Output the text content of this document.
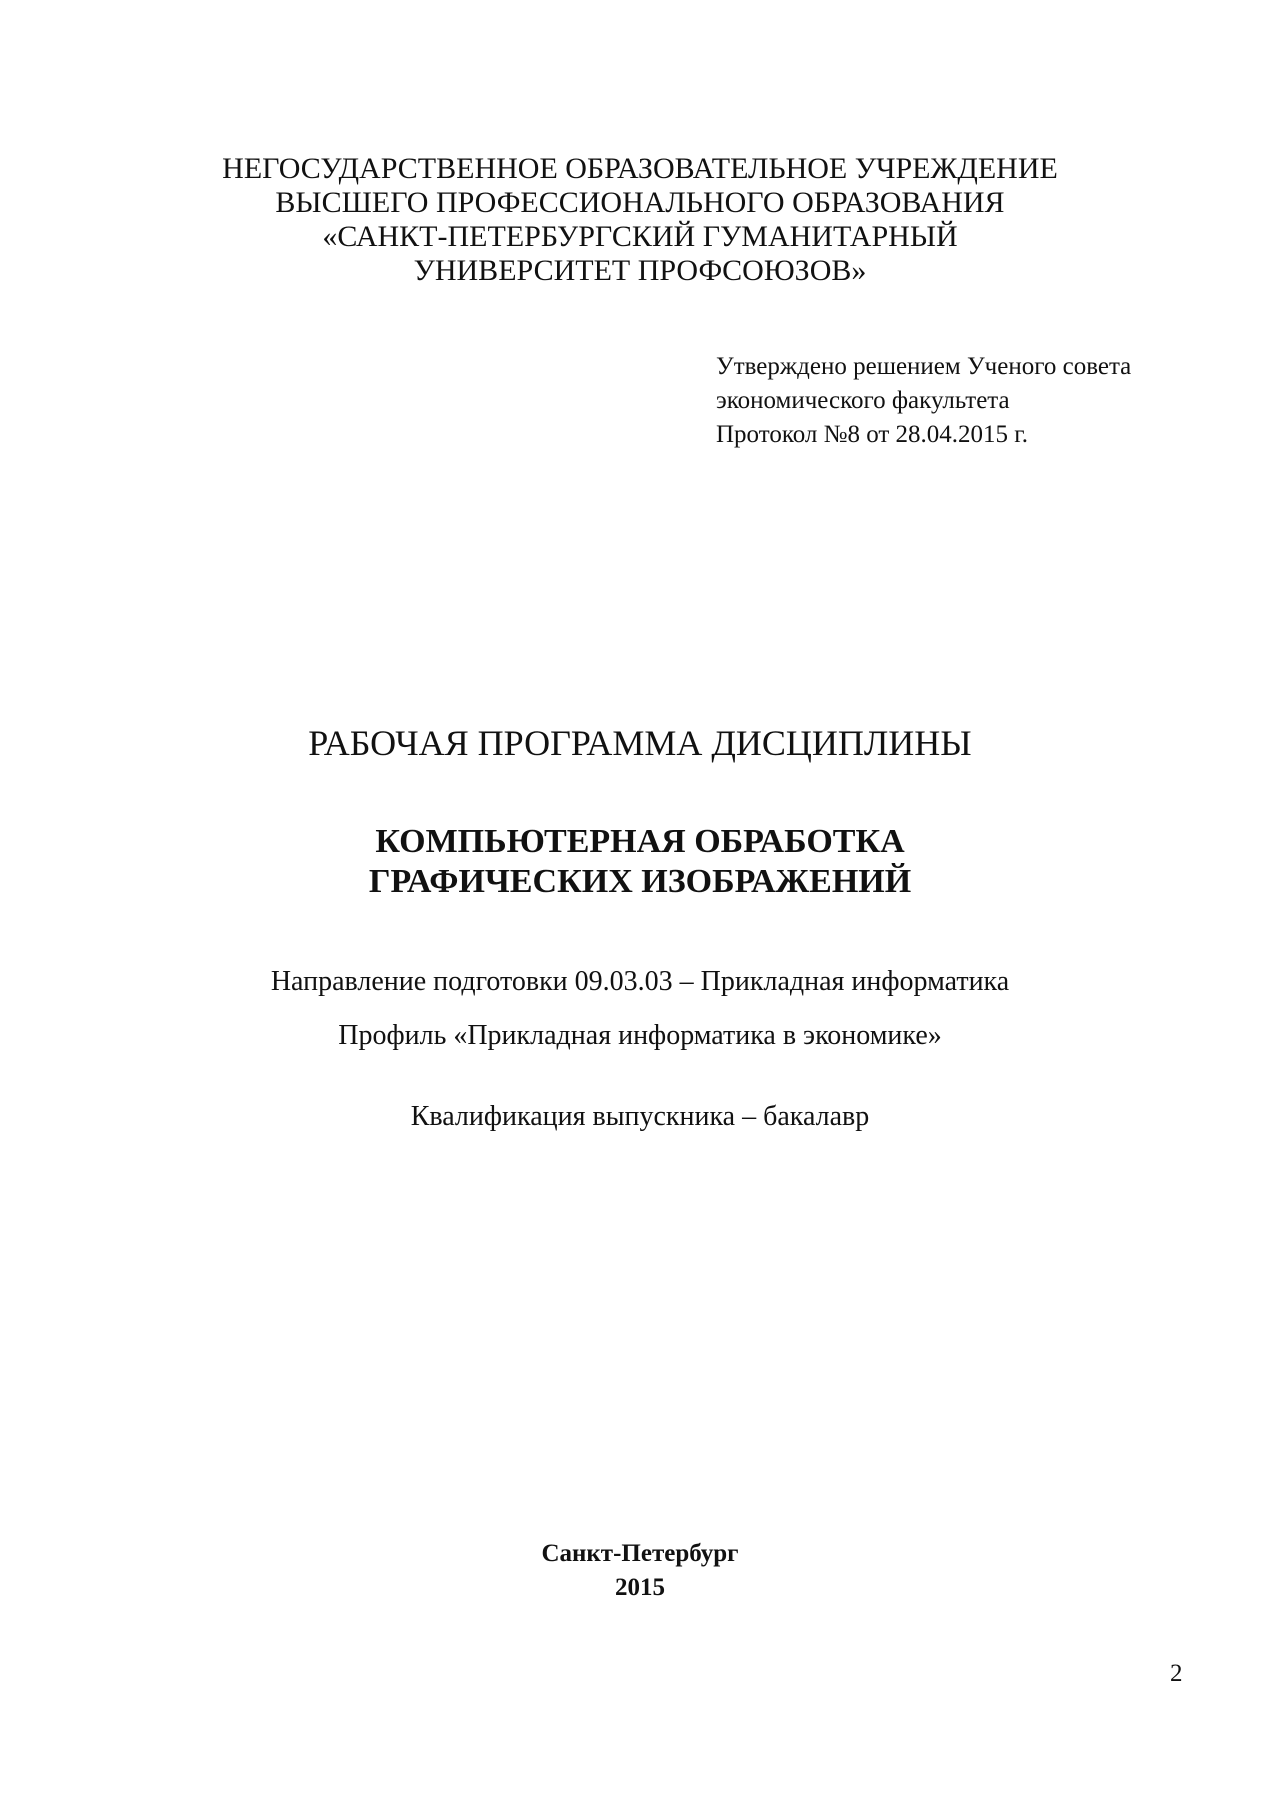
НЕГОСУДАРСТВЕННОЕ ОБРАЗОВАТЕЛЬНОЕ УЧРЕЖДЕНИЕ
ВЫСШЕГО ПРОФЕССИОНАЛЬНОГО ОБРАЗОВАНИЯ
«САНКТ-ПЕТЕРБУРГСКИЙ ГУМАНИТАРНЫЙ
УНИВЕРСИТЕТ ПРОФСОЮЗОВ»
Утверждено решением Ученого совета
экономического факультета
Протокол №8 от 28.04.2015 г.
РАБОЧАЯ ПРОГРАММА ДИСЦИПЛИНЫ
КОМПЬЮТЕРНАЯ ОБРАБОТКА
ГРАФИЧЕСКИХ ИЗОБРАЖЕНИЙ
Направление подготовки 09.03.03 – Прикладная информатика
Профиль «Прикладная информатика в экономике»
Квалификация выпускника – бакалавр
Санкт-Петербург
2015
2
